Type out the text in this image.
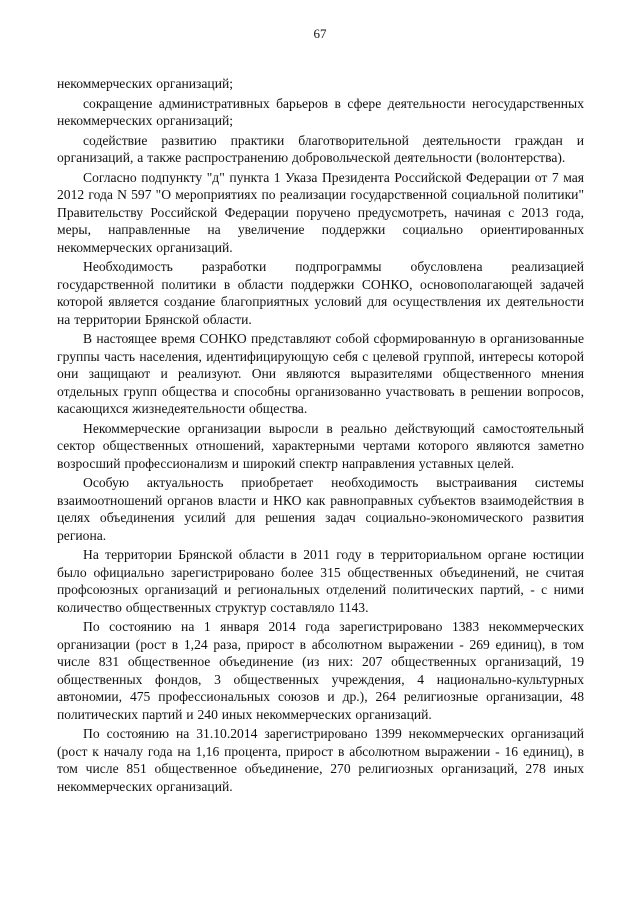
67

некоммерческих организаций;

сокращение административных барьеров в сфере деятельности негосударственных некоммерческих организаций;

содействие развитию практики благотворительной деятельности граждан и организаций, а также распространению добровольческой деятельности (волонтерства).

Согласно подпункту "д" пункта 1 Указа Президента Российской Федерации от 7 мая 2012 года N 597 "О мероприятиях по реализации государственной социальной политики" Правительству Российской Федерации поручено предусмотреть, начиная с 2013 года, меры, направленные на увеличение поддержки социально ориентированных некоммерческих организаций.

Необходимость разработки подпрограммы обусловлена реализацией государственной политики в области поддержки СОНКО, основополагающей задачей которой является создание благоприятных условий для осуществления их деятельности на территории Брянской области.

В настоящее время СОНКО представляют собой сформированную в организованные группы часть населения, идентифицирующую себя с целевой группой, интересы которой они защищают и реализуют. Они являются выразителями общественного мнения отдельных групп общества и способны организованно участвовать в решении вопросов, касающихся жизнедеятельности общества.

Некоммерческие организации выросли в реально действующий самостоятельный сектор общественных отношений, характерными чертами которого являются заметно возросший профессионализм и широкий спектр направления уставных целей.

Особую актуальность приобретает необходимость выстраивания системы взаимоотношений органов власти и НКО как равноправных субъектов взаимодействия в целях объединения усилий для решения задач социально-экономического развития региона.

На территории Брянской области в 2011 году в территориальном органе юстиции было официально зарегистрировано более 315 общественных объединений, не считая профсоюзных организаций и региональных отделений политических партий, - с ними количество общественных структур составляло 1143.

По состоянию на 1 января 2014 года зарегистрировано 1383 некоммерческих организации (рост в 1,24 раза, прирост в абсолютном выражении - 269 единиц), в том числе 831 общественное объединение (из них: 207 общественных организаций, 19 общественных фондов, 3 общественных учреждения, 4 национально-культурных автономии, 475 профессиональных союзов и др.), 264 религиозные организации, 48 политических партий и 240 иных некоммерческих организаций.

По состоянию на 31.10.2014 зарегистрировано 1399 некоммерческих организаций (рост к началу года на 1,16 процента, прирост в абсолютном выражении - 16 единиц), в том числе 851 общественное объединение, 270 религиозных организаций, 278 иных некоммерческих организаций.
